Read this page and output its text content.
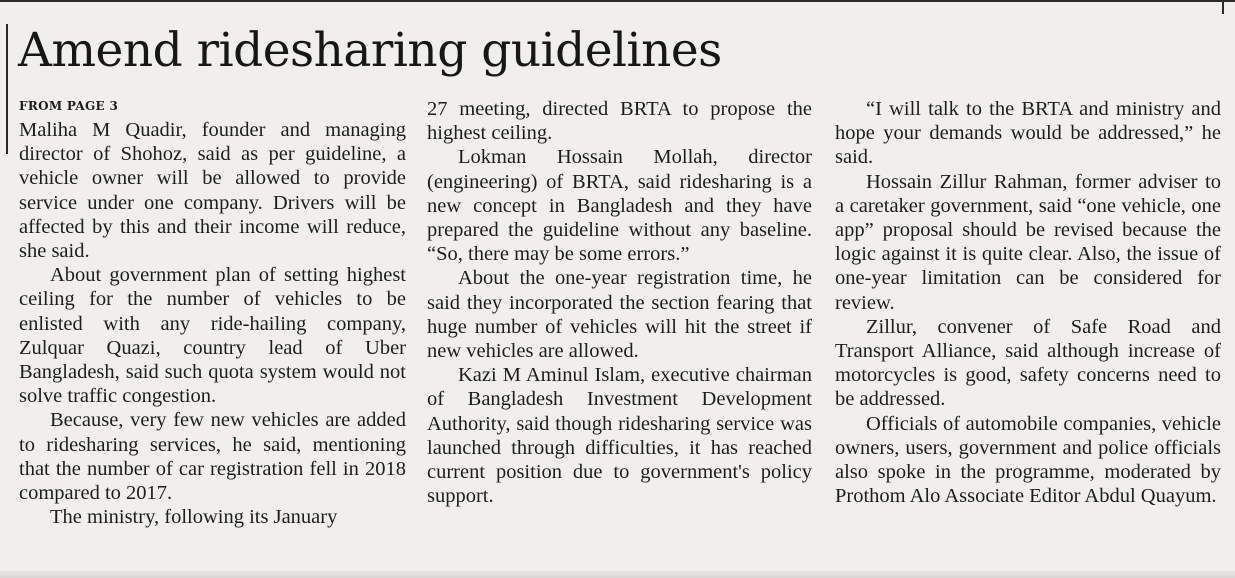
Amend ridesharing guidelines
FROM PAGE 3

Maliha M Quadir, founder and managing director of Shohoz, said as per guideline, a vehicle owner will be allowed to provide service under one company. Drivers will be affected by this and their income will reduce, she said.

About government plan of setting highest ceiling for the number of vehicles to be enlisted with any ride-hailing company, Zulquar Quazi, country lead of Uber Bangladesh, said such quota system would not solve traffic congestion.

Because, very few new vehicles are added to ridesharing services, he said, mentioning that the number of car registration fell in 2018 compared to 2017.

The ministry, following its January

27 meeting, directed BRTA to propose the highest ceiling.

Lokman Hossain Mollah, director (engineering) of BRTA, said ridesharing is a new concept in Bangladesh and they have prepared the guideline without any baseline. “So, there may be some errors.”

About the one-year registration time, he said they incorporated the section fearing that huge number of vehicles will hit the street if new vehicles are allowed.

Kazi M Aminul Islam, executive chairman of Bangladesh Investment Development Authority, said though ridesharing service was launched through difficulties, it has reached current position due to government's policy support.

“I will talk to the BRTA and ministry and hope your demands would be addressed,” he said.

Hossain Zillur Rahman, former adviser to a caretaker government, said “one vehicle, one app” proposal should be revised because the logic against it is quite clear. Also, the issue of one-year limitation can be considered for review.

Zillur, convener of Safe Road and Transport Alliance, said although increase of motorcycles is good, safety concerns need to be addressed.

Officials of automobile companies, vehicle owners, users, government and police officials also spoke in the programme, moderated by Prothom Alo Associate Editor Abdul Quayum.
